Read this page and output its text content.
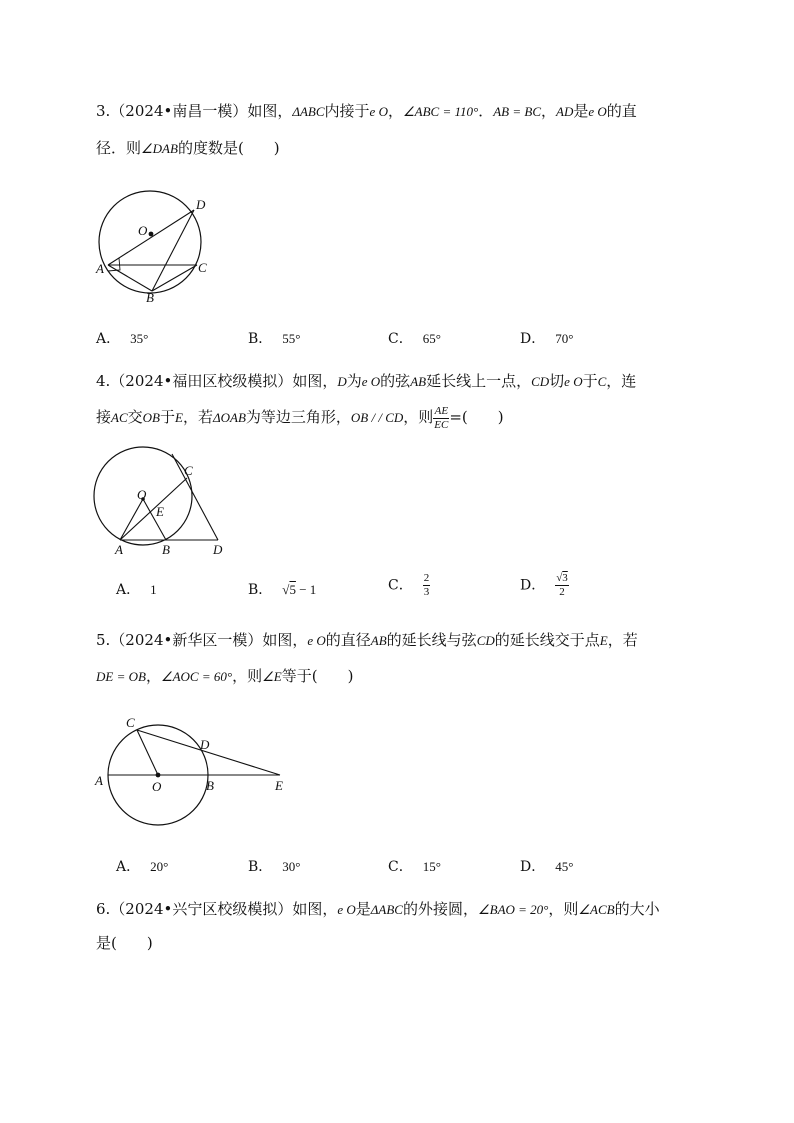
3.（2024•南昌一模）如图，ΔABC内接于e O，∠ABC = 110°．AB = BC，AD是e O的直
径．则∠DAB的度数是(　　)
D
O
A	C
B
A． 35°	B． 55°	C． 65°	D． 70°
4.（2024•福田区校级模拟）如图，D为e O的弦AB延长线上一点，CD切e O于C，连
接AC交OB于E，若ΔOAB为等边三角形，OB / / CD，则 $\frac{AE}{EC}$ =(　　)
C
O
E
A	B	D
A． 1	B． √5 − 1	C． $\frac{2}{3}$	D． $\frac{√3}{2}$
5.（2024•新华区一模）如图，e O的直径AB的延长线与弦CD的延长线交于点E，若
DE = OB，∠AOC = 60°，则∠E等于(　　)
C
D
A	O	B	E
A． 20°	B． 30°	C． 15°	D． 45°
6.（2024•兴宁区校级模拟）如图，e O是ΔABC的外接圆，∠BAO = 20°，则∠ACB的大小
是(　　)
